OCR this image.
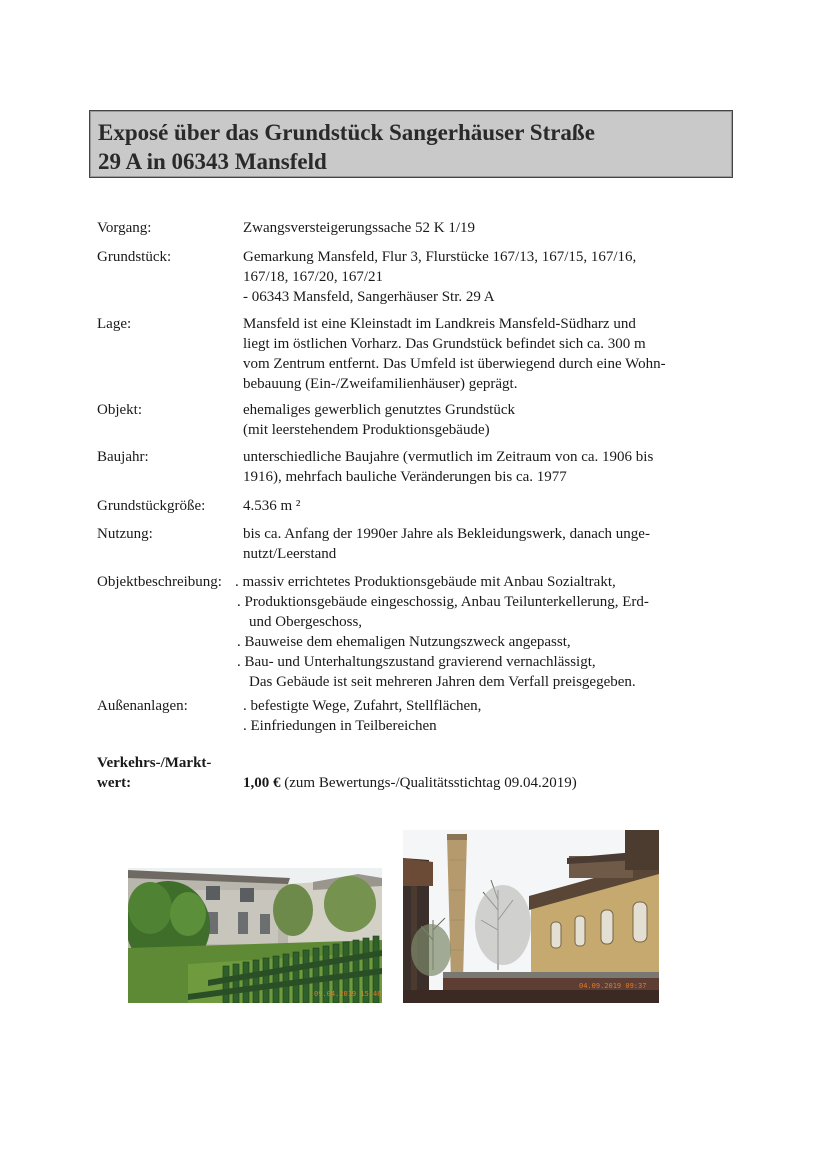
Exposé über das Grundstück Sangerhäuser Straße
29 A in 06343 Mansfeld
Vorgang:	Zwangsversteigerungssache 52 K 1/19
Grundstück:	Gemarkung Mansfeld, Flur 3, Flurstücke 167/13, 167/15, 167/16,
167/18, 167/20, 167/21
- 06343 Mansfeld, Sangerhäuser Str. 29 A
Lage:	Mansfeld ist eine Kleinstadt im Landkreis Mansfeld-Südharz und
liegt im östlichen Vorharz. Das Grundstück befindet sich ca. 300 m
vom Zentrum entfernt. Das Umfeld ist überwiegend durch eine Wohn-
bebauung (Ein-/Zweifamilienhäuser) geprägt.
Objekt:	ehemaliges gewerblich genutztes Grundstück
(mit leerstehendem Produktionsgebäude)
Baujahr:	unterschiedliche Baujahre (vermutlich im Zeitraum von ca. 1906 bis
1916), mehrfach bauliche Veränderungen bis ca. 1977
Grundstückgröße:	4.536 m ²
Nutzung:	bis ca. Anfang der 1990er Jahre als Bekleidungswerk, danach unge-
nutzt/Leerstand
Objektbeschreibung: . massiv errichtetes Produktionsgebäude mit Anbau Sozialtrakt,
. Produktionsgebäude eingeschossig, Anbau Teilunterkellerung, Erd-
und Obergeschoss,
. Bauweise dem ehemaligen Nutzungszweck angepasst,
. Bau- und Unterhaltungszustand gravierend vernachlässigt,
Das Gebäude ist seit mehreren Jahren dem Verfall preisgegeben.
Außenanlagen:	. befestigte Wege, Zufahrt, Stellflächen,
. Einfriedungen in Teilbereichen
Verkehrs-/Markt-
wert:	1,00 € (zum Bewertungs-/Qualitätsstichtag 09.04.2019)
09.04.2019 15:46
04.09.2019 09:37
